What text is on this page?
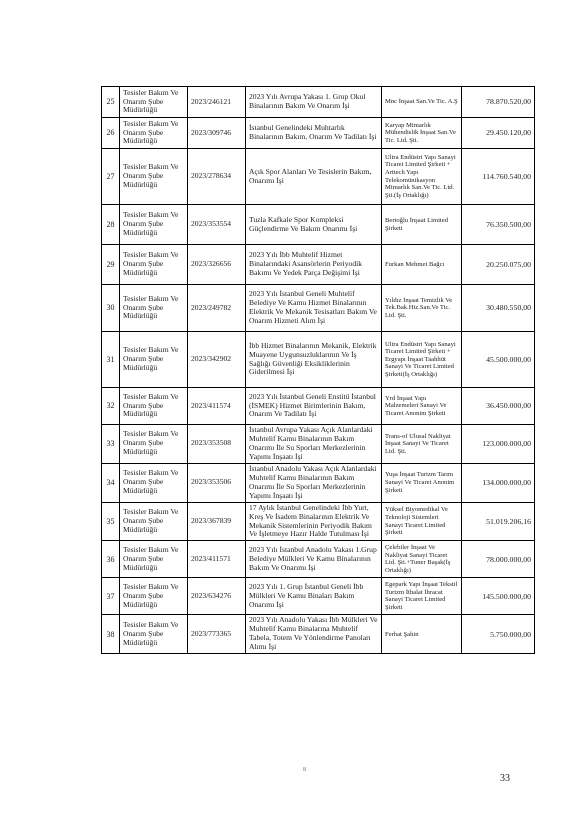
25	Tesisler Bakım Ve Onarım Şube Müdürlüğü	2023/246121	2023 Yılı Avrupa Yakası 1. Grup Okul Binalarının Bakım Ve Onarım İşi	Mnc İnşaat San.Ve Tic. A.Ş	78.870.520,00
26	Tesisler Bakım Ve Onarım Şube Müdürlüğü	2023/309746	İstanbul Genelindeki Muhtarlık Binalarının Bakım, Onarım Ve Tadilatı İşi	Karyap Mimarlık Mühendislik İnşaat San.Ve Tic. Ltd. Şti.	29.450.120,00
27	Tesisler Bakım Ve Onarım Şube Müdürlüğü	2023/278634	Açık Spor Alanları Ve Tesislerin Bakım, Onarımı İşi	Ultra Endüstri Yapı Sanayi Ticaret Limited Şirketi + Arttech Yapı Telekomünikasyon Mimarlık San.Ve Tic. Ltd. Şti.(İş Ortaklığı)	114.760.540,00
28	Tesisler Bakım Ve Onarım Şube Müdürlüğü	2023/353554	Tuzla Kafkale Spor Kompleksi Güçlendirme Ve Bakım Onarımı İşi	Bertoğlu İnşaat Limited Şirketi	76.350.500,00
29	Tesisler Bakım Ve Onarım Şube Müdürlüğü	2023/326656	2023 Yılı İbb Muhtelif Hizmet Binalarındaki Asansörlerin Periyodik Bakımı Ve Yedek Parça Değişimi İşi	Furkan Mehmet Bağcı	20.250.075,00
30	Tesisler Bakım Ve Onarım Şube Müdürlüğü	2023/249782	2023 Yılı İstanbul Geneli Muhtelif Belediye Ve Kamu Hizmet Binalarının Elektrik Ve Mekanik Tesisatları Bakım Ve Onarım Hizmeti Alım İşi	Yıldız İnşaat Temizlik Ve Tek.Bak.Hiz.San.Ve Tic. Ltd. Şti.	30.480.550,00
31	Tesisler Bakım Ve Onarım Şube Müdürlüğü	2023/342902	İbb Hizmet Binalarının Mekanik, Elektrik Muayene Uygunsuzluklarının Ve İş Sağlığı Güvenliği Eksikliklerinin Giderilmesi İşi	Ultra Endüstri Yapı Sanayi Ticaret Limited Şirketi + Ergyapı İnşaat Taahhüt Sanayi Ve Ticaret Limited Şirketi(İş Ortaklığı)	45.500.000,00
32	Tesisler Bakım Ve Onarım Şube Müdürlüğü	2023/411574	2023 Yılı İstanbul Geneli Enstitü İstanbul (İSMEK) Hizmet Birimlerinin Bakım, Onarım Ve Tadilatı İşi	Yrd İnşaat Yapı Malzemeleri Sanayi Ve Ticaret Anonim Şirketi	36.450.000,00
33	Tesisler Bakım Ve Onarım Şube Müdürlüğü	2023/353508	İstanbul Avrupa Yakası Açık Alanlardaki Muhtelif Kamu Binalarının Bakım Onarımı İle Su Sporları Merkezlerinin Yapımı İnşaatı İşi	Trans-of Ulusal Nakliyat İnşaat Sanayi Ve Ticaret Ltd. Şti.	123.000.000,00
34	Tesisler Bakım Ve Onarım Şube Müdürlüğü	2023/353506	İstanbul Anadolu Yakası Açık Alanlardaki Muhtelif Kamu Binalarının Bakım Onarımı İle Su Sporları Merkezlerinin Yapımı İnşaatı İşi	Yuşa İnşaat Turizm Tarım Sanayi Ve Ticaret Anonim Şirketi	134.000.000,00
35	Tesisler Bakım Ve Onarım Şube Müdürlüğü	2023/367839	17 Aylık İstanbul Genelindeki İbb Yurt, Kreş Ve İsadem Binalarının Elektrik Ve Mekanik Sistemlerinin Periyodik Bakım Ve İşletmeye Hazır Halde Tutulması İşi	Yüksel Biyomedikal Ve Teknoloji Sistemleri Sanayi Ticaret Limited Şirketi	51.019.206,16
36	Tesisler Bakım Ve Onarım Şube Müdürlüğü	2023/411571	2023 Yılı İstanbul Anadolu Yakası 1.Grup Belediye Mülkleri Ve Kamu Binalarının Bakım Ve Onarımı İşi	Çelebiler İnşaat Ve Nakliyat Sanayi Ticaret Ltd. Şti.+Tuner Başak(İş Ortaklığı)	78.000.000,00
37	Tesisler Bakım Ve Onarım Şube Müdürlüğü	2023/634276	2023 Yılı 1. Grup İstanbul Geneli İbb Mülkleri Ve Kamu Binaları Bakım Onarımı İşi	Egepark Yapı İnşaat Tekstil Turizm İthalat İhracat Sanayi Ticaret Limited Şirketi	145.500.000,00
38	Tesisler Bakım Ve Onarım Şube Müdürlüğü	2023/773365	2023 Yılı Anadolu Yakası İbb Mülkleri Ve Muhtelif Kamu Binalarına Muhtelif Tabela, Totem Ve Yönlendirme Panoları Alımı İşi	Ferhat Şahin	5.750.000,00
8
33
